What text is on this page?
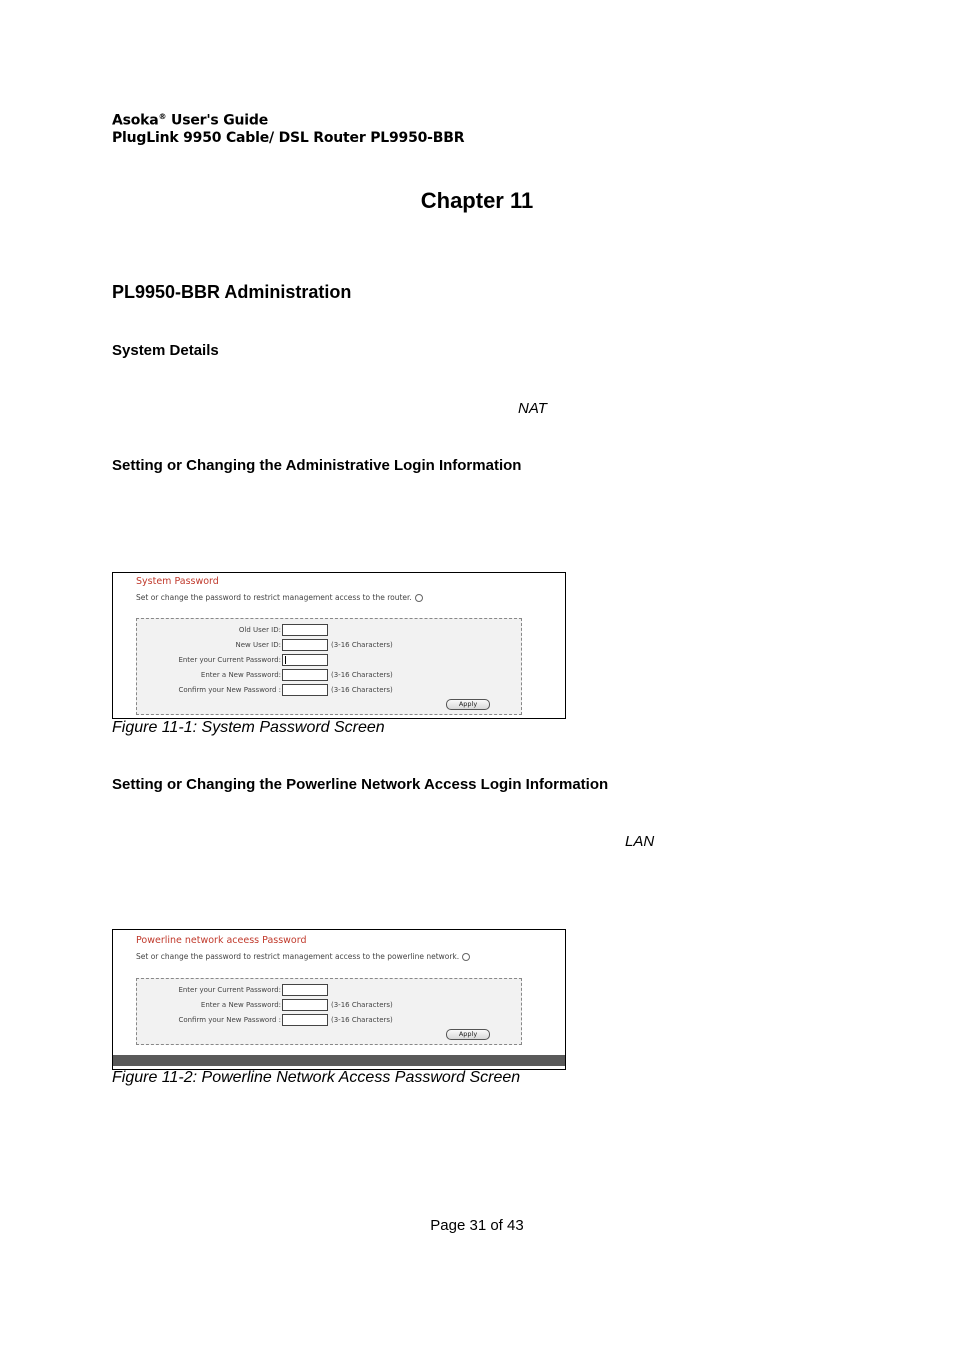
Asoka® User's Guide
PlugLink 9950 Cable/ DSL Router PL9950-BBR
Chapter 11
PL9950-BBR Administration
System Details
NAT
Setting or Changing the Administrative Login Information
System Password
Set or change the password to restrict management access to the router.
Old User ID:
New User ID:	(3-16 Characters)
Enter your Current Password:
Enter a New Password:	(3-16 Characters)
Confirm your New Password :	(3-16 Characters)
Apply
Figure 11-1: System Password Screen
Setting or Changing the Powerline Network Access Login Information
LAN
Powerline network aceess Password
Set or change the password to restrict management access to the powerline network.
Enter your Current Password:
Enter a New Password:	(3-16 Characters)
Confirm your New Password :	(3-16 Characters)
Apply
Figure 11-2: Powerline Network Access Password Screen
Page 31 of 43
